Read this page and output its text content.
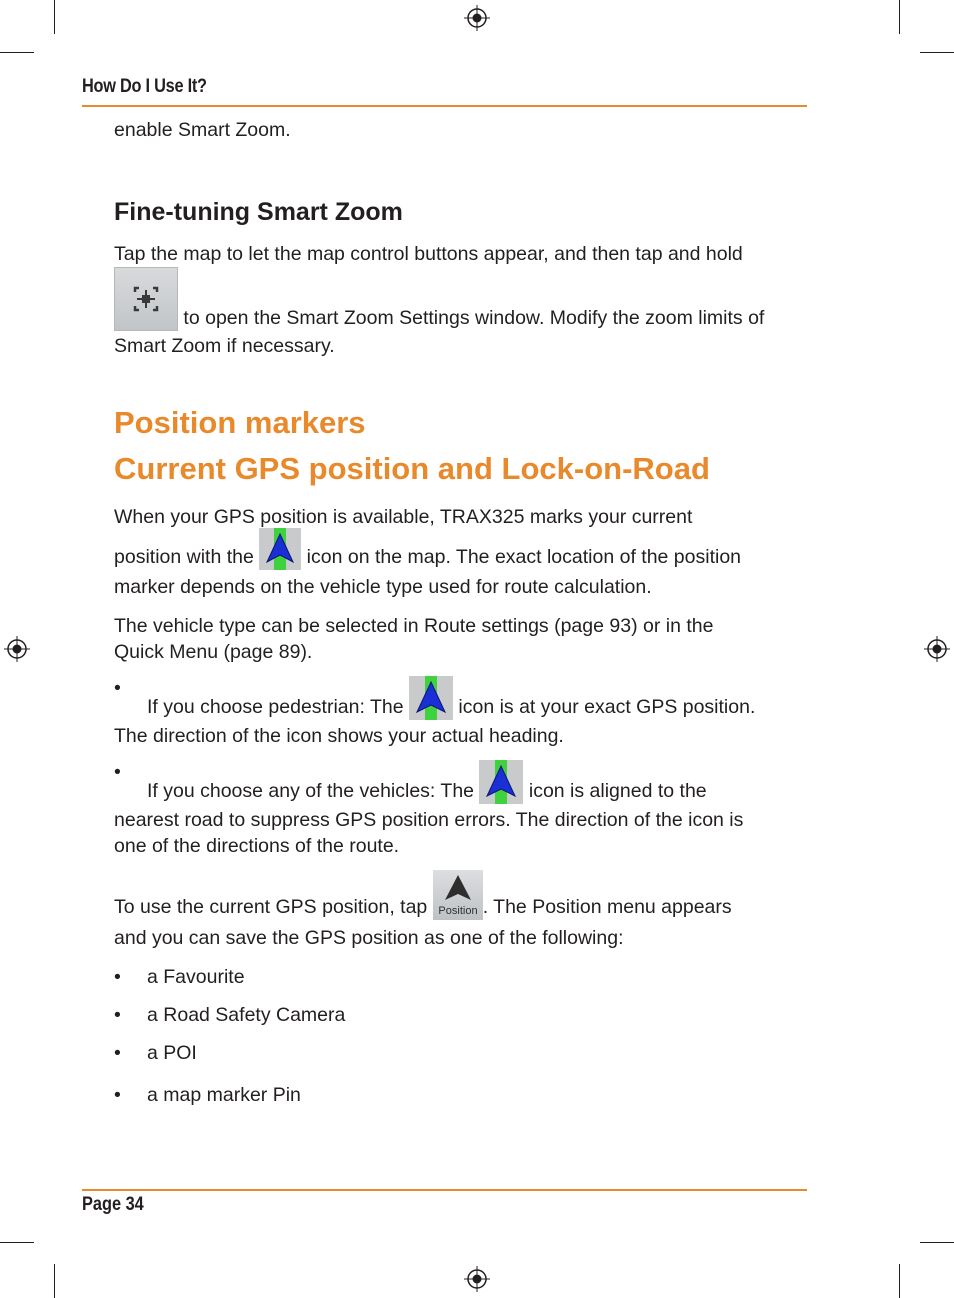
How Do I Use It?

enable Smart Zoom.

Fine-tuning Smart Zoom

Tap the map to let the map control buttons appear, and then tap and hold

to open the Smart Zoom Settings window. Modify the zoom limits of

Smart Zoom if necessary.

Position markers
Current GPS position and Lock-on-Road

When your GPS position is available, TRAX325 marks your current

position with the  icon on the map. The exact location of the position

marker depends on the vehicle type used for route calculation.

The vehicle type can be selected in Route settings (page 93) or in the

Quick Menu (page 89).

•
If you choose pedestrian: The  icon is at your exact GPS position.

The direction of the icon shows your actual heading.

•
If you choose any of the vehicles: The  icon is aligned to the

nearest road to suppress GPS position errors. The direction of the icon is

one of the directions of the route.

To use the current GPS position, tap Position . The Position menu appears

and you can save the GPS position as one of the following:

• a Favourite
• a Road Safety Camera
• a POI
• a map marker Pin
Page 34
